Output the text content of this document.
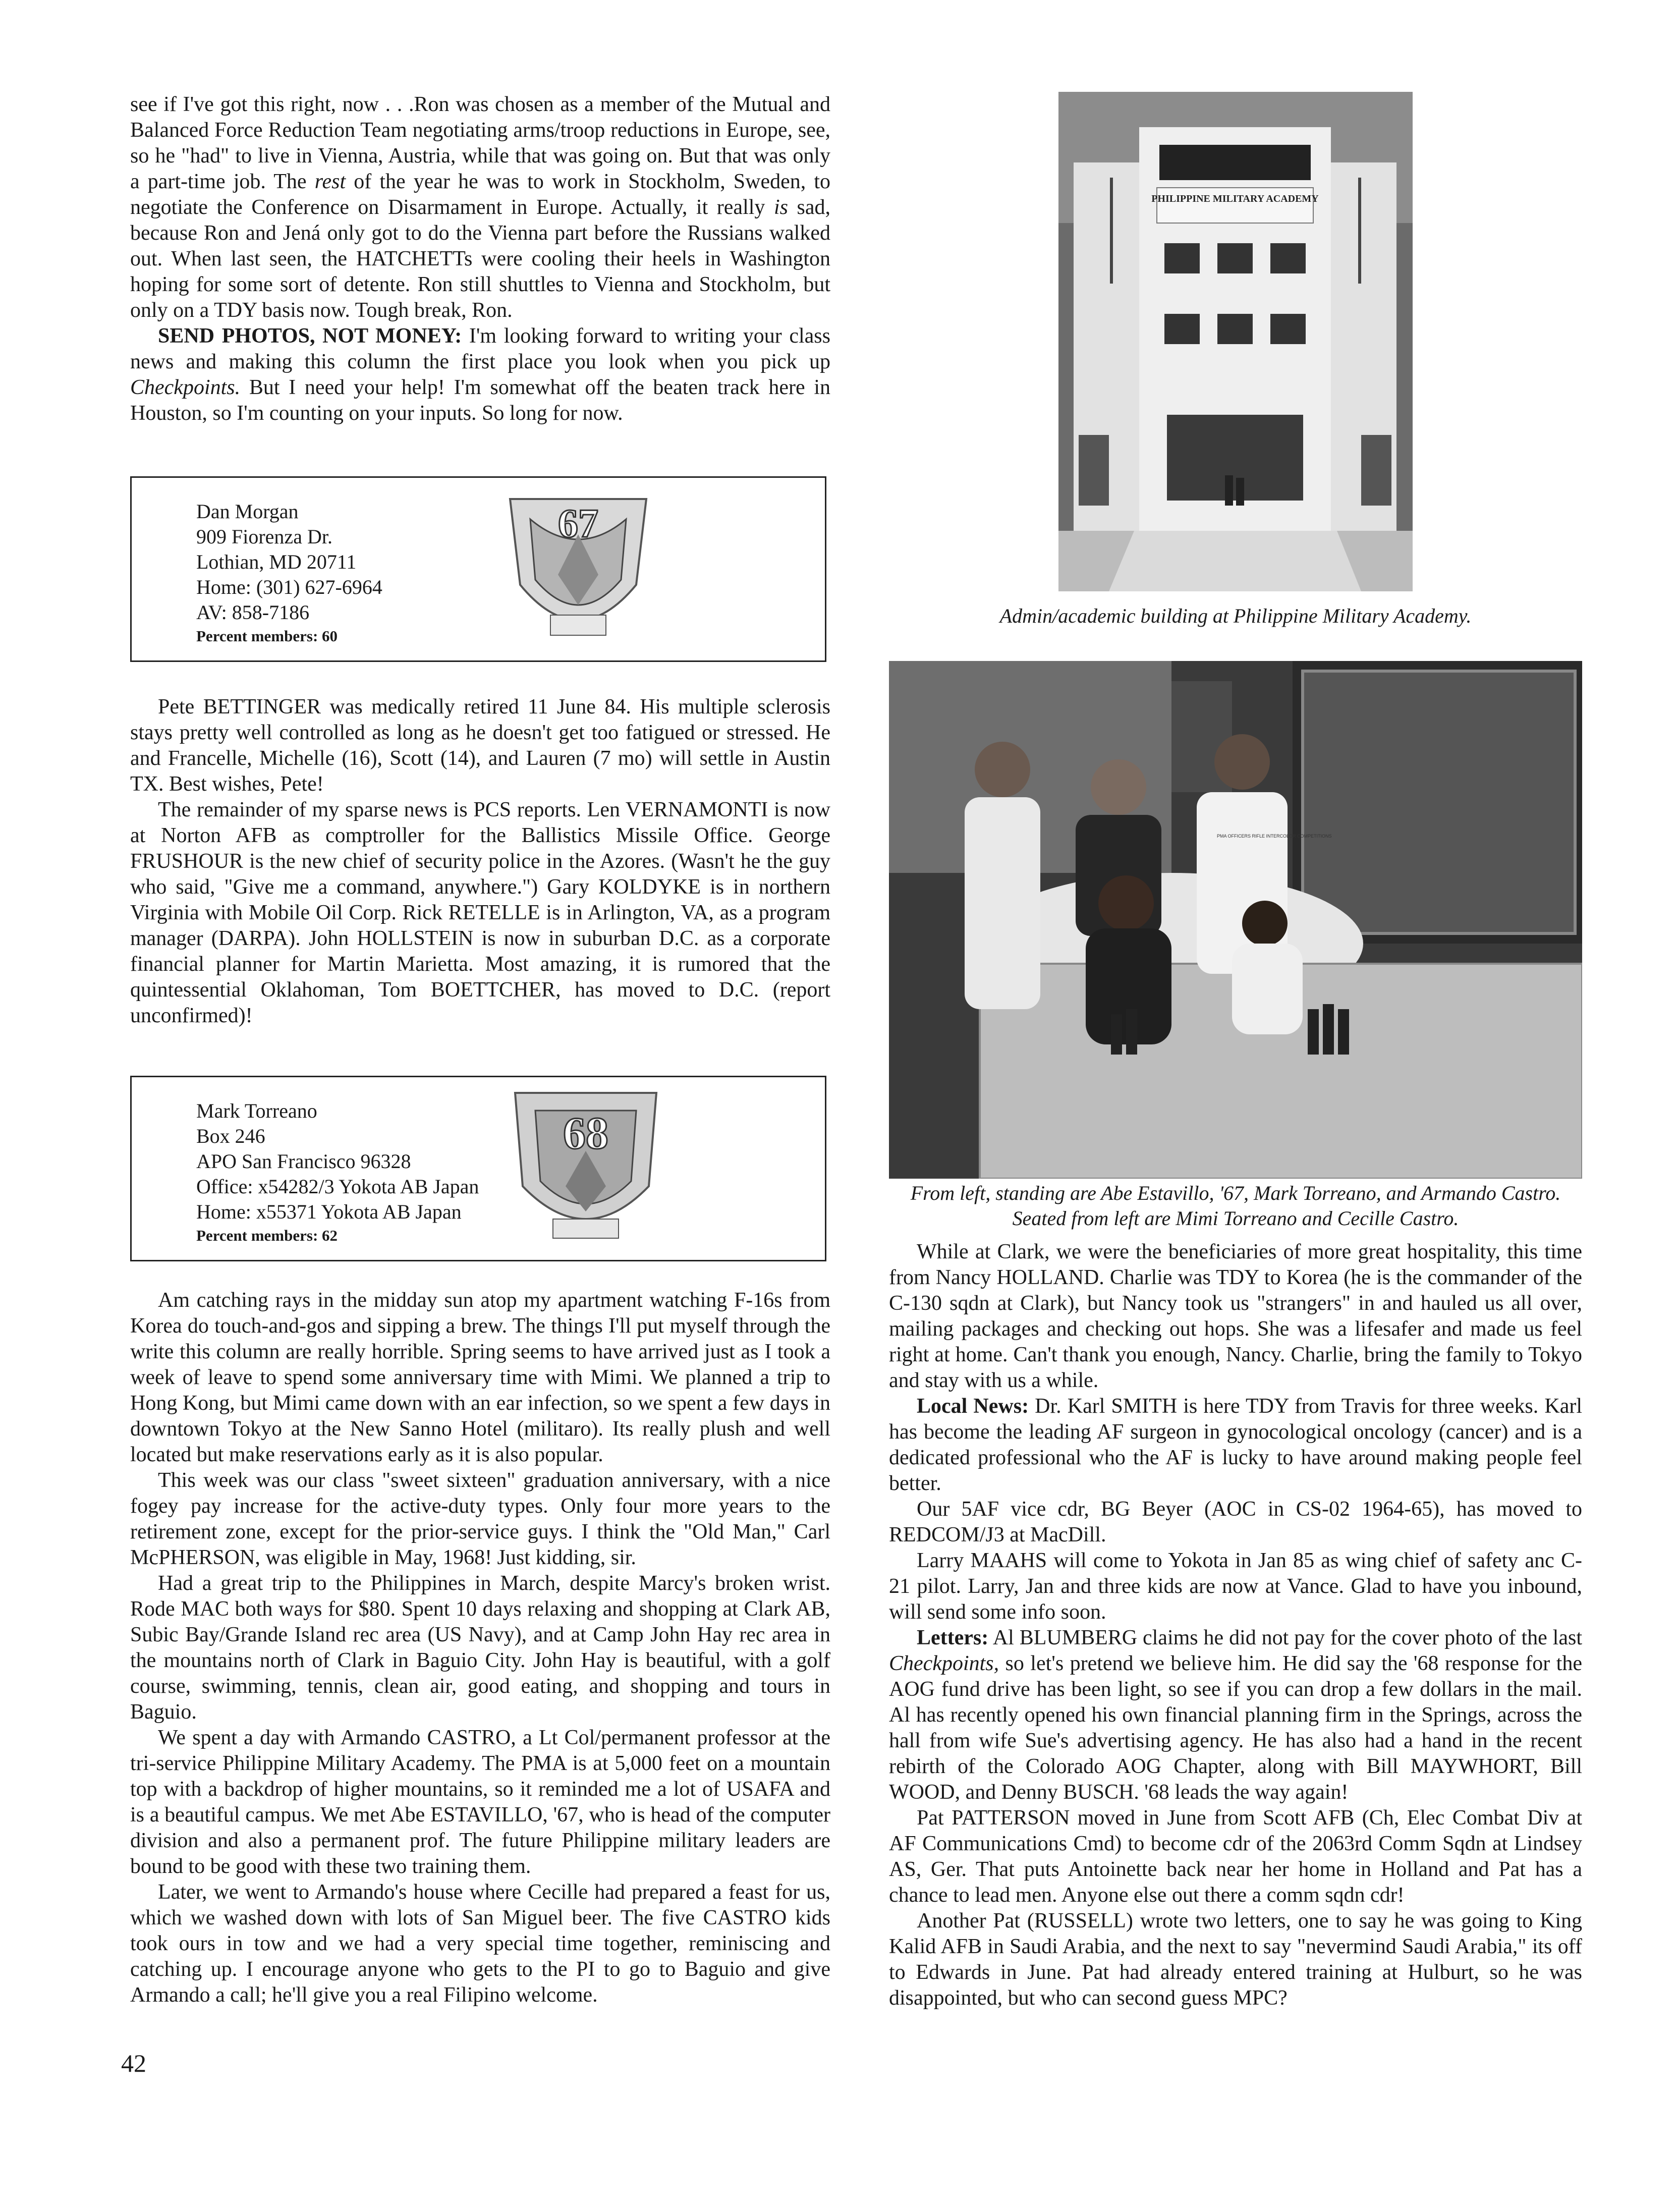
see if I've got this right, now . . .Ron was chosen as a member of the Mutual and Balanced Force Reduction Team negotiating arms/troop reductions in Europe, see, so he "had" to live in Vienna, Austria, while that was going on. But that was only a part-time job. The rest of the year he was to work in Stockholm, Sweden, to negotiate the Conference on Disarmament in Europe. Actually, it really is sad, because Ron and Jená only got to do the Vienna part before the Russians walked out. When last seen, the HATCHETTs were cooling their heels in Washington hoping for some sort of detente. Ron still shuttles to Vienna and Stockholm, but only on a TDY basis now. Tough break, Ron.

SEND PHOTOS, NOT MONEY: I'm looking forward to writing your class news and making this column the first place you look when you pick up Checkpoints. But I need your help! I'm somewhat off the beaten track here in Houston, so I'm counting on your inputs. So long for now.

Dan Morgan
909 Fiorenza Dr.
Lothian, MD 20711
Home: (301) 627-6964
AV: 858-7186
Percent members: 60
67

Pete BETTINGER was medically retired 11 June 84. His multiple sclerosis stays pretty well controlled as long as he doesn't get too fatigued or stressed. He and Francelle, Michelle (16), Scott (14), and Lauren (7 mo) will settle in Austin TX. Best wishes, Pete!

The remainder of my sparse news is PCS reports. Len VERNAMONTI is now at Norton AFB as comptroller for the Ballistics Missile Office. George FRUSHOUR is the new chief of security police in the Azores. (Wasn't he the guy who said, "Give me a command, anywhere.") Gary KOLDYKE is in northern Virginia with Mobile Oil Corp. Rick RETELLE is in Arlington, VA, as a program manager (DARPA). John HOLLSTEIN is now in suburban D.C. as a corporate financial planner for Martin Marietta. Most amazing, it is rumored that the quintessential Oklahoman, Tom BOETTCHER, has moved to D.C. (report unconfirmed)!

Mark Torreano
Box 246
APO San Francisco 96328
Office: x54282/3 Yokota AB Japan
Home: x55371 Yokota AB Japan
Percent members: 62
68

Am catching rays in the midday sun atop my apartment watching F-16s from Korea do touch-and-gos and sipping a brew. The things I'll put myself through the write this column are really horrible. Spring seems to have arrived just as I took a week of leave to spend some anniversary time with Mimi. We planned a trip to Hong Kong, but Mimi came down with an ear infection, so we spent a few days in downtown Tokyo at the New Sanno Hotel (militaro). Its really plush and well located but make reservations early as it is also popular.

This week was our class "sweet sixteen" graduation anniversary, with a nice fogey pay increase for the active-duty types. Only four more years to the retirement zone, except for the prior-service guys. I think the "Old Man," Carl McPHERSON, was eligible in May, 1968! Just kidding, sir.

Had a great trip to the Philippines in March, despite Marcy's broken wrist. Rode MAC both ways for $80. Spent 10 days relaxing and shopping at Clark AB, Subic Bay/Grande Island rec area (US Navy), and at Camp John Hay rec area in the mountains north of Clark in Baguio City. John Hay is beautiful, with a golf course, swimming, tennis, clean air, good eating, and shopping and tours in Baguio.

We spent a day with Armando CASTRO, a Lt Col/permanent professor at the tri-service Philippine Military Academy. The PMA is at 5,000 feet on a mountain top with a backdrop of higher mountains, so it reminded me a lot of USAFA and is a beautiful campus. We met Abe ESTAVILLO, '67, who is head of the computer division and also a permanent prof. The future Philippine military leaders are bound to be good with these two training them.

Later, we went to Armando's house where Cecille had prepared a feast for us, which we washed down with lots of San Miguel beer. The five CASTRO kids took ours in tow and we had a very special time together, reminiscing and catching up. I encourage anyone who gets to the PI to go to Baguio and give Armando a call; he'll give you a real Filipino welcome.

PHILIPPINE MILITARY ACADEMY
Admin/academic building at Philippine Military Academy.
PMA OFFICERS RIFLE INTERCOLOR COMPETITIONS
From left, standing are Abe Estavillo, '67, Mark Torreano, and Armando Castro. Seated from left are Mimi Torreano and Cecille Castro.

While at Clark, we were the beneficiaries of more great hospitality, this time from Nancy HOLLAND. Charlie was TDY to Korea (he is the commander of the C-130 sqdn at Clark), but Nancy took us "strangers" in and hauled us all over, mailing packages and checking out hops. She was a lifesafer and made us feel right at home. Can't thank you enough, Nancy. Charlie, bring the family to Tokyo and stay with us a while.

Local News: Dr. Karl SMITH is here TDY from Travis for three weeks. Karl has become the leading AF surgeon in gynocological oncology (cancer) and is a dedicated professional who the AF is lucky to have around making people feel better.

Our 5AF vice cdr, BG Beyer (AOC in CS-02 1964-65), has moved to REDCOM/J3 at MacDill.

Larry MAAHS will come to Yokota in Jan 85 as wing chief of safety anc C-21 pilot. Larry, Jan and three kids are now at Vance. Glad to have you inbound, will send some info soon.

Letters: Al BLUMBERG claims he did not pay for the cover photo of the last Checkpoints, so let's pretend we believe him. He did say the '68 response for the AOG fund drive has been light, so see if you can drop a few dollars in the mail. Al has recently opened his own financial planning firm in the Springs, across the hall from wife Sue's advertising agency. He has also had a hand in the recent rebirth of the Colorado AOG Chapter, along with Bill MAYWHORT, Bill WOOD, and Denny BUSCH. '68 leads the way again!

Pat PATTERSON moved in June from Scott AFB (Ch, Elec Combat Div at AF Communications Cmd) to become cdr of the 2063rd Comm Sqdn at Lindsey AS, Ger. That puts Antoinette back near her home in Holland and Pat has a chance to lead men. Anyone else out there a comm sqdn cdr!

Another Pat (RUSSELL) wrote two letters, one to say he was going to King Kalid AFB in Saudi Arabia, and the next to say "nevermind Saudi Arabia," its off to Edwards in June. Pat had already entered training at Hulburt, so he was disappointed, but who can second guess MPC?

42
